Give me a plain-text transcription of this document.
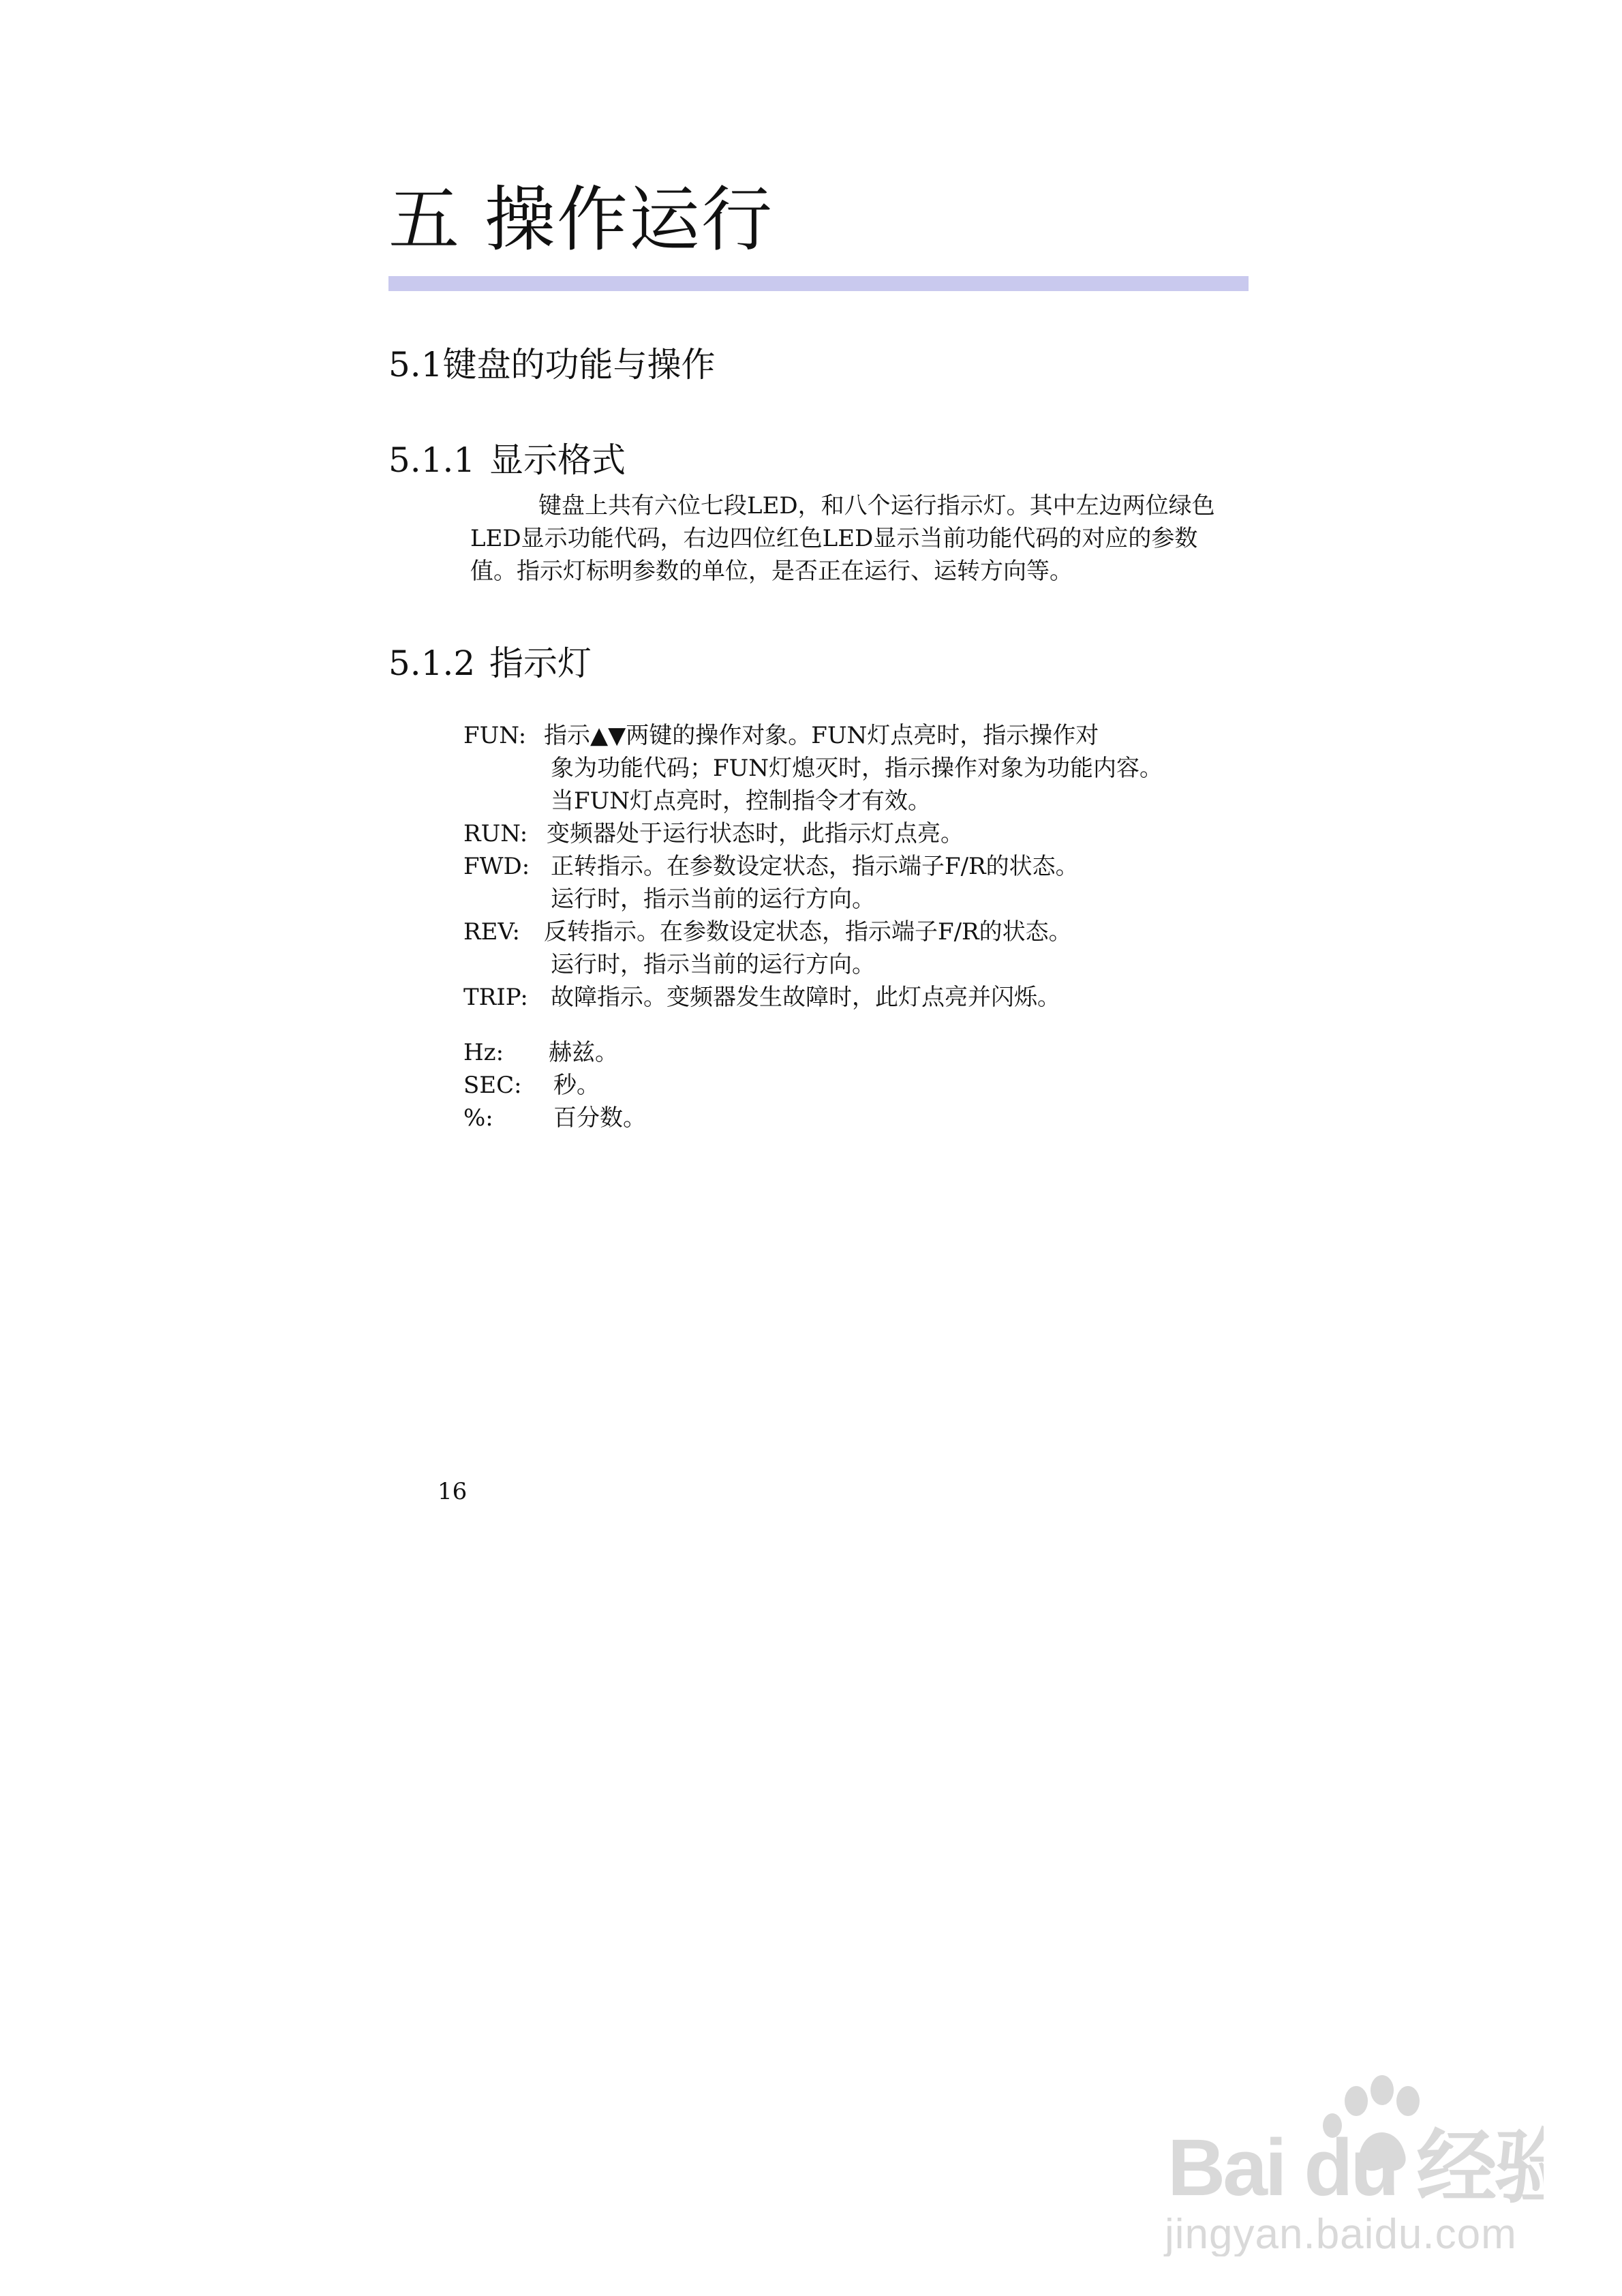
五 操作运行
5.1键盘的功能与操作
5.1.1 显示格式

键盘上共有六位七段LED，和八个运行指示灯。其中左边两位绿色
LED显示功能代码，右边四位红色LED显示当前功能代码的对应的参数
值。指示灯标明参数的单位，是否正在运行、运转方向等。

5.1.2 指示灯
FUN: 指示▲▼两键的操作对象。FUN灯点亮时，指示操作对
象为功能代码；FUN灯熄灭时，指示操作对象为功能内容。
当FUN灯点亮时，控制指令才有效。
RUN: 变频器处于运行状态时，此指示灯点亮。
FWD: 正转指示。在参数设定状态，指示端子F/R的状态。
运行时，指示当前的运行方向。
REV: 反转指示。在参数设定状态，指示端子F/R的状态。
运行时，指示当前的运行方向。
TRIP: 故障指示。变频器发生故障时，此灯点亮并闪烁。
Hz: 赫兹。
SEC: 秒。
%:	百分数。
16
Bai du 经验
jingyan.baidu.com
